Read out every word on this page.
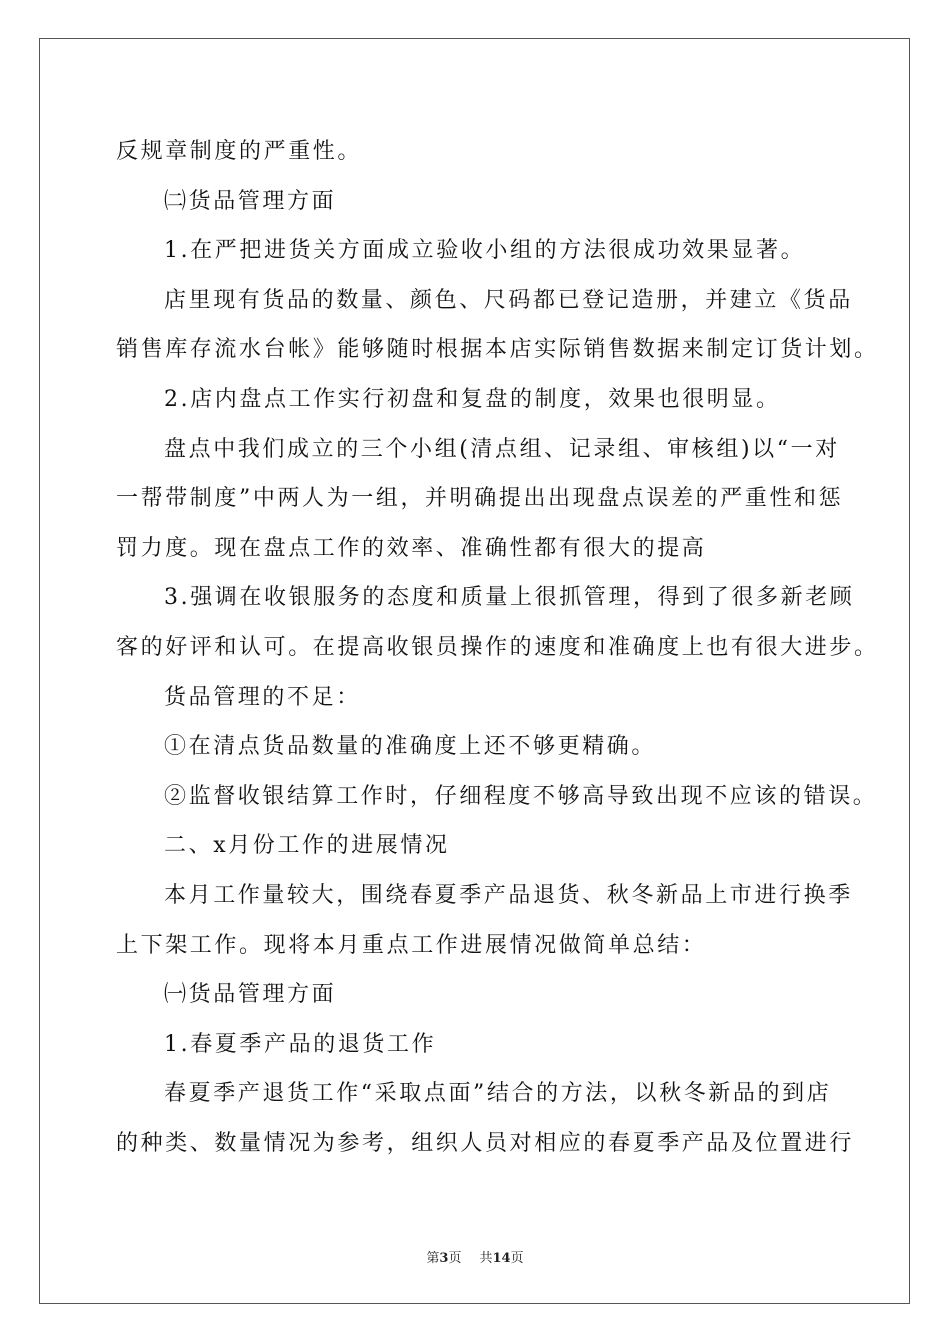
反规章制度的严重性。
㈡货品管理方面
1.在严把进货关方面成立验收小组的方法很成功效果显著。
店里现有货品的数量、颜色、尺码都已登记造册，并建立《货品
销售库存流水台帐》能够随时根据本店实际销售数据来制定订货计划。
2.店内盘点工作实行初盘和复盘的制度，效果也很明显。
盘点中我们成立的三个小组(清点组、记录组、审核组)以“一对
一帮带制度”中两人为一组，并明确提出出现盘点误差的严重性和惩
罚力度。现在盘点工作的效率、准确性都有很大的提高
3.强调在收银服务的态度和质量上很抓管理，得到了很多新老顾
客的好评和认可。在提高收银员操作的速度和准确度上也有很大进步。
货品管理的不足：
①在清点货品数量的准确度上还不够更精确。
②监督收银结算工作时，仔细程度不够高导致出现不应该的错误。
二、x月份工作的进展情况
本月工作量较大，围绕春夏季产品退货、秋冬新品上市进行换季
上下架工作。现将本月重点工作进展情况做简单总结：
㈠货品管理方面
1.春夏季产品的退货工作
春夏季产退货工作“采取点面”结合的方法，以秋冬新品的到店
的种类、数量情况为参考，组织人员对相应的春夏季产品及位置进行
第3页 共14页
